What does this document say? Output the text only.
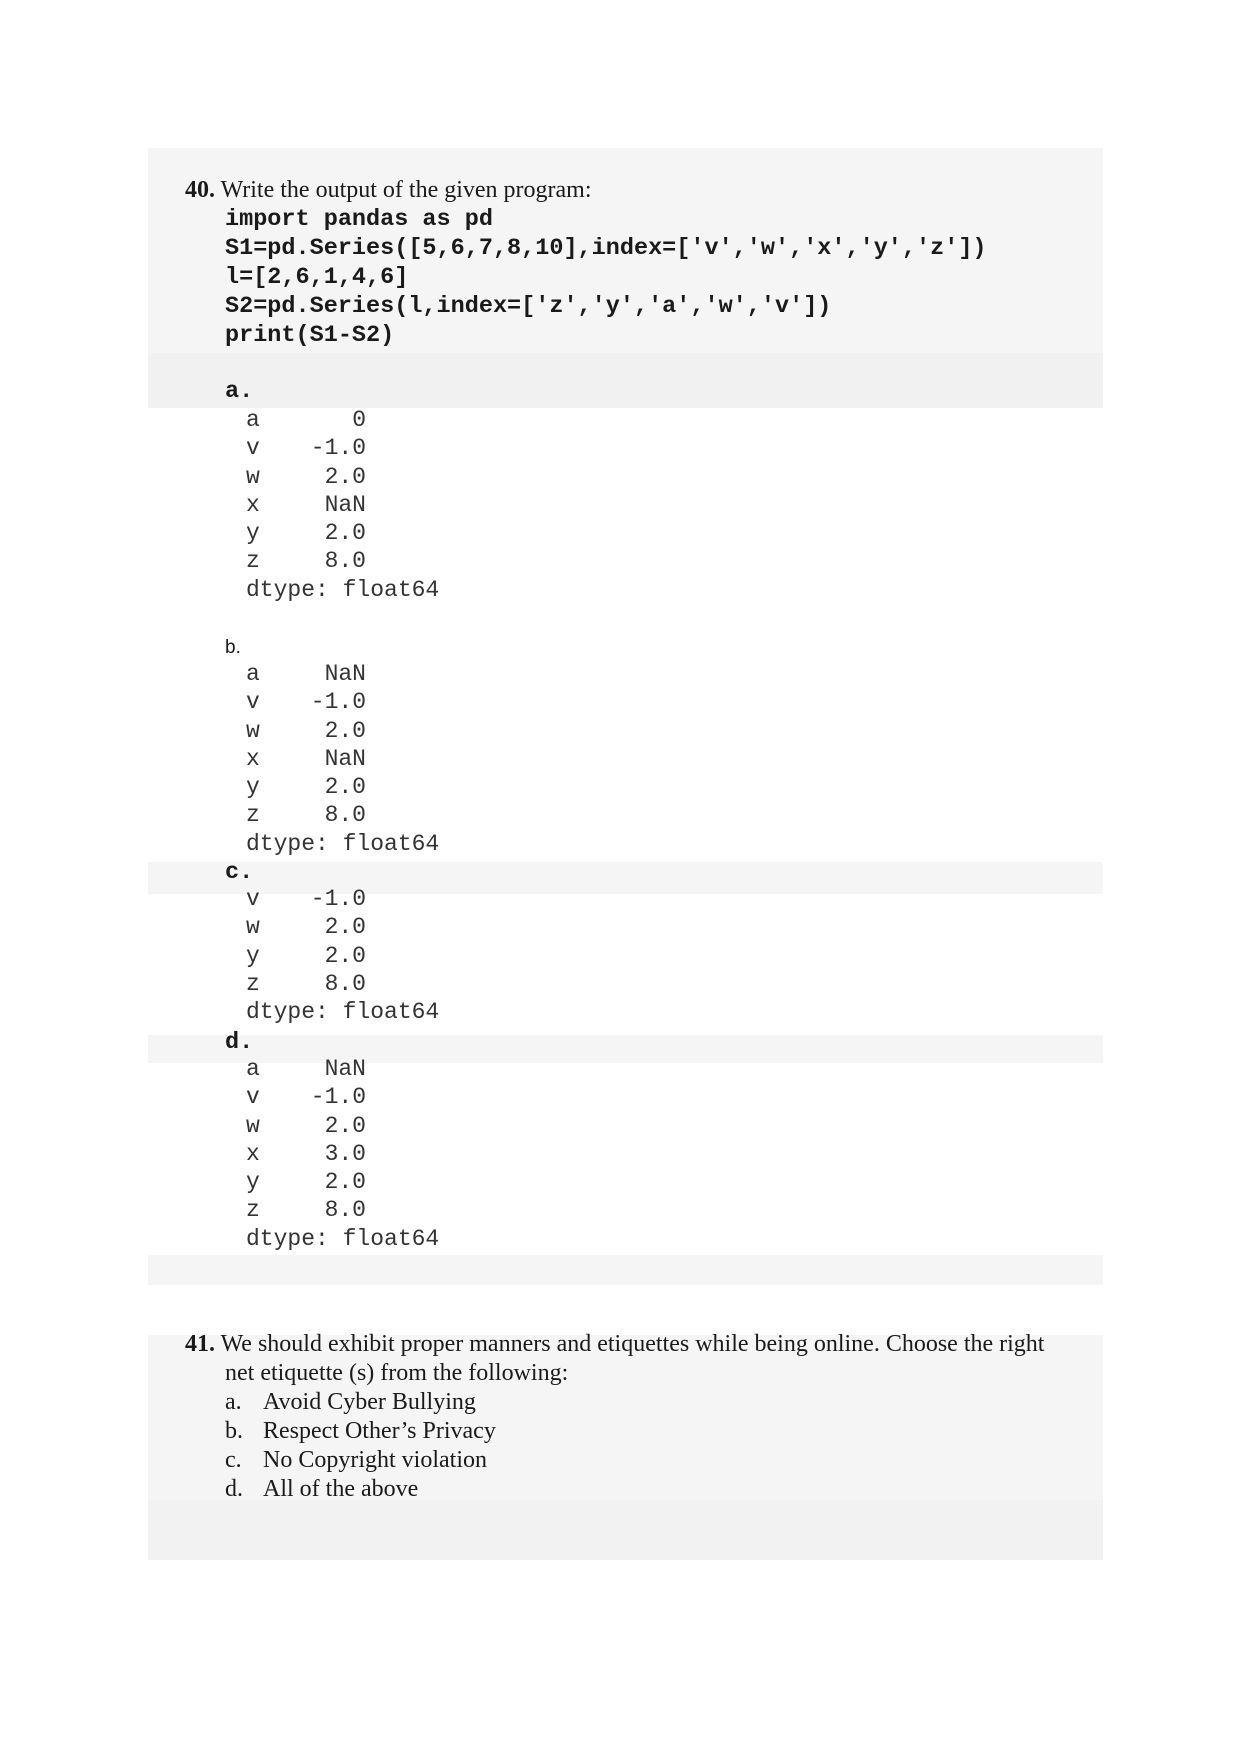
40. Write the output of the given program:
import pandas as pd
S1=pd.Series([5,6,7,8,10],index=['v','w','x','y','z'])
l=[2,6,1,4,6]
S2=pd.Series(l,index=['z','y','a','w','v'])
print(S1-S2)
a.
a	0
v	-1.0
w	2.0
x	NaN
y	2.0
z	8.0
dtype: float64
b.
a	NaN
v	-1.0
w	2.0
x	NaN
y	2.0
z	8.0
dtype: float64
c.
v	-1.0
w	2.0
y	2.0
z	8.0
dtype: float64
d.
a	NaN
v	-1.0
w	2.0
x	3.0
y	2.0
z	8.0
dtype: float64
41. We should exhibit proper manners and etiquettes while being online. Choose the right
net etiquette (s) from the following:
a. Avoid Cyber Bullying
b. Respect Other’s Privacy
c. No Copyright violation
d. All of the above
